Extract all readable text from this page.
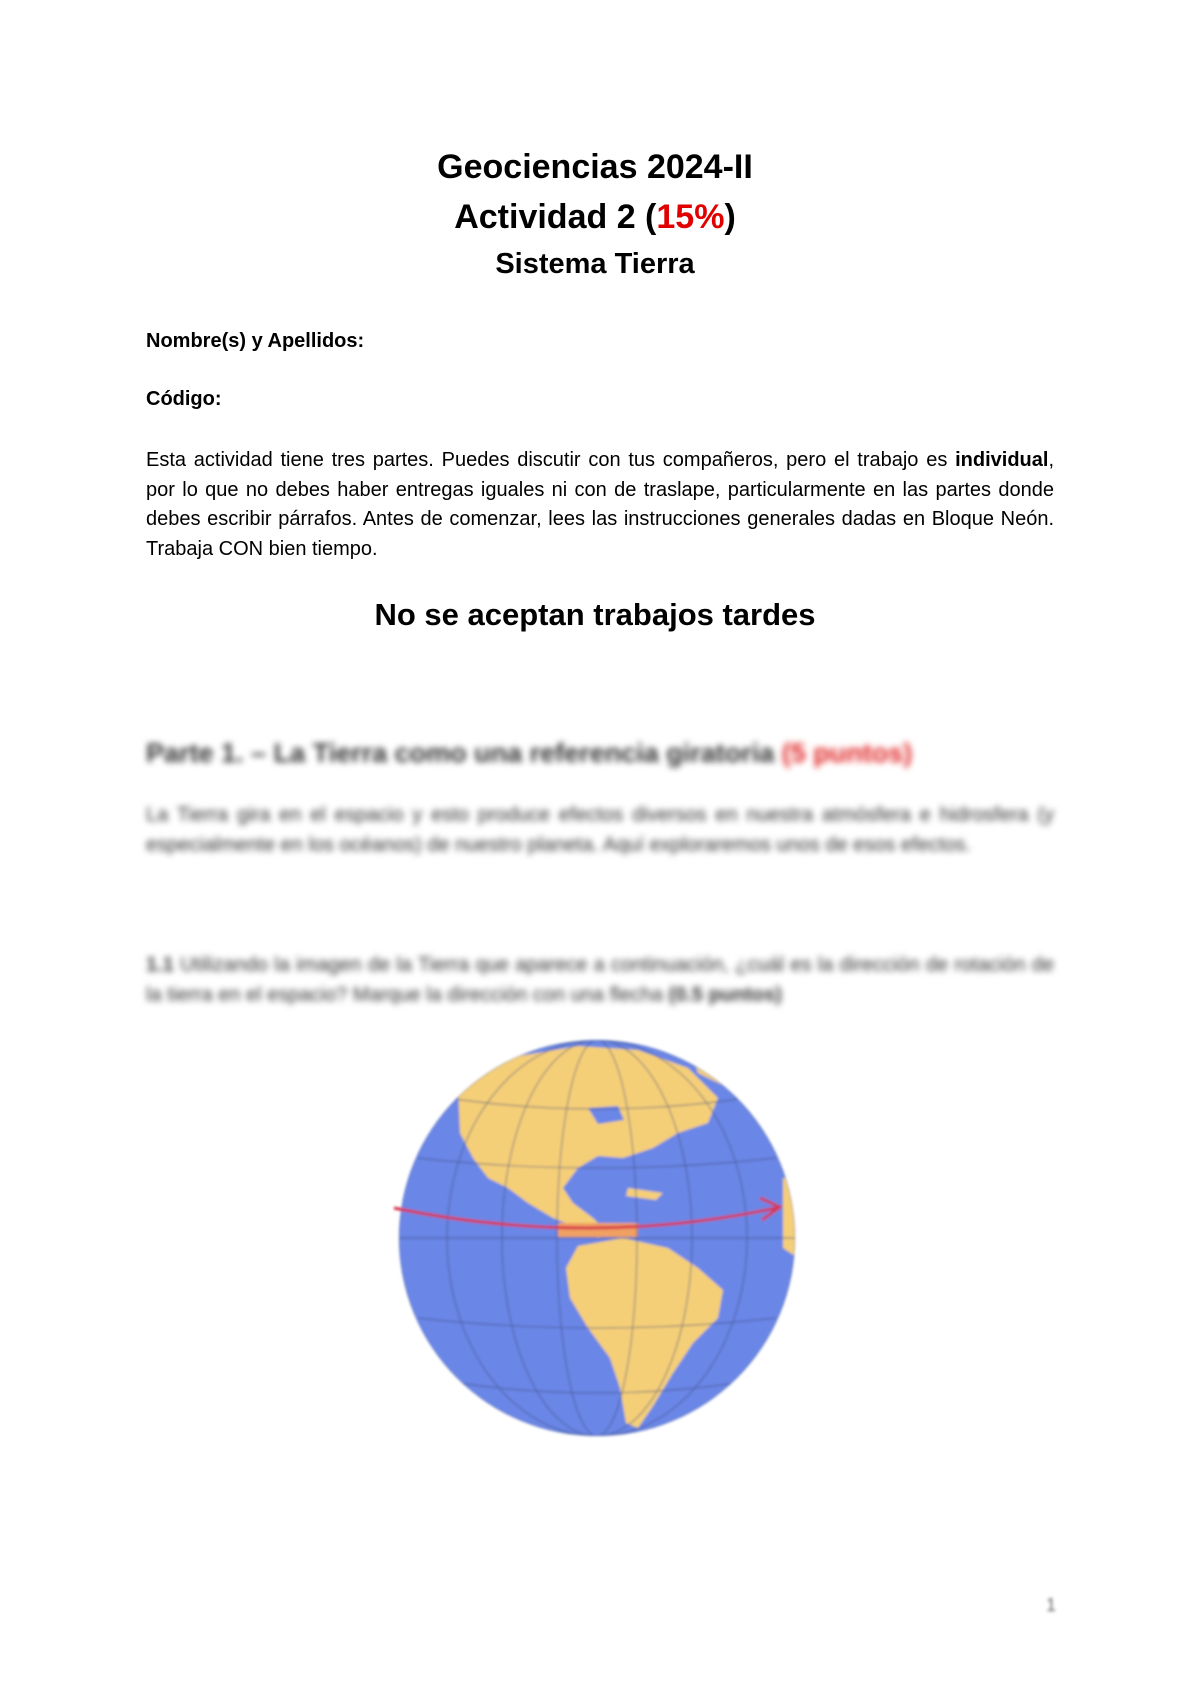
Geociencias 2024-II
Actividad 2 (15%)
Sistema Tierra
Nombre(s) y Apellidos:
Código:

Esta actividad tiene tres partes. Puedes discutir con tus compañeros, pero el trabajo es individual, por lo que no debes haber entregas iguales ni con de traslape, particularmente en las partes donde debes escribir párrafos. Antes de comenzar, lees las instrucciones generales dadas en Bloque Neón. Trabaja CON bien tiempo.

No se aceptan trabajos tardes
Parte 1. – La Tierra como una referencia giratoria (5 puntos)

La Tierra gira en el espacio y esto produce efectos diversos en nuestra atmósfera e hidrosfera (y especialmente en los océanos) de nuestro planeta. Aquí exploraremos unos de esos efectos.

1.1 Utilizando la imagen de la Tierra que aparece a continuación, ¿cuál es la dirección de rotación de la tierra en el espacio? Marque la dirección con una flecha (0.5 puntos)

1
